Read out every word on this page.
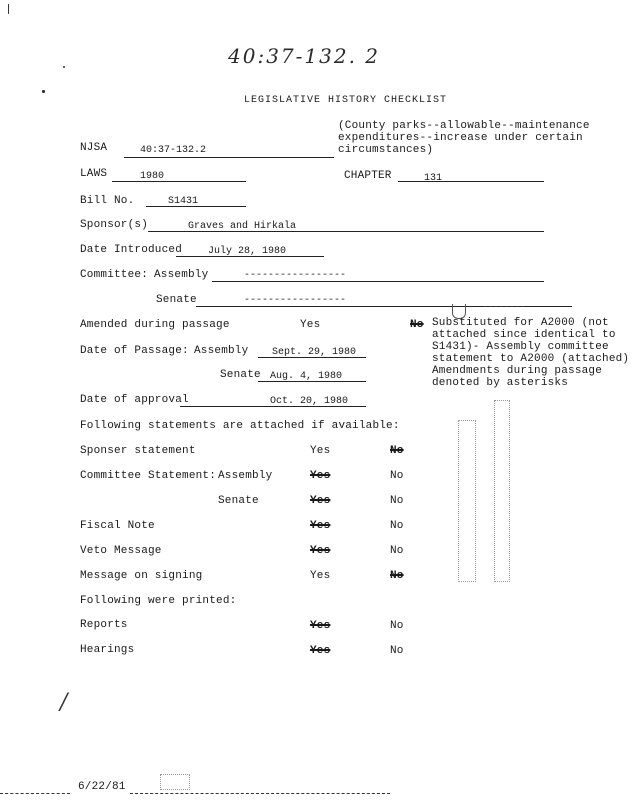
40:37-132. 2
LEGISLATIVE HISTORY CHECKLIST
(County parks--allowable--maintenance
expenditures--increase under certain
circumstances)
NJSA	40:37-132.2
LAWS	1980	CHAPTER	131
Bill No.	S1431
Sponsor(s)	Graves and Hirkala
Date Introduced	July 28, 1980
Committee: Assembly	-----------------
Senate	-----------------
Amended during passage	Yes	No Substituted for A2000 (not
attached since identical to
S1431)- Assembly committee
statement to A2000 (attached)
Amendments during passage
denoted by asterisks
Date of Passage: Assembly Sept. 29, 1980
Senate Aug. 4, 1980
Date of approval	Oct. 20, 1980
Following statements are attached if available:
Sponser statement	Yes	No
Committee Statement: Assembly	Yes	No
Senate	Yes	No
Fiscal Note	Yes	No
Veto Message	Yes	No
Message on signing	Yes	No
Following were printed:
Reports	Yes	No
Hearings	Yes	No
/
6/22/81
